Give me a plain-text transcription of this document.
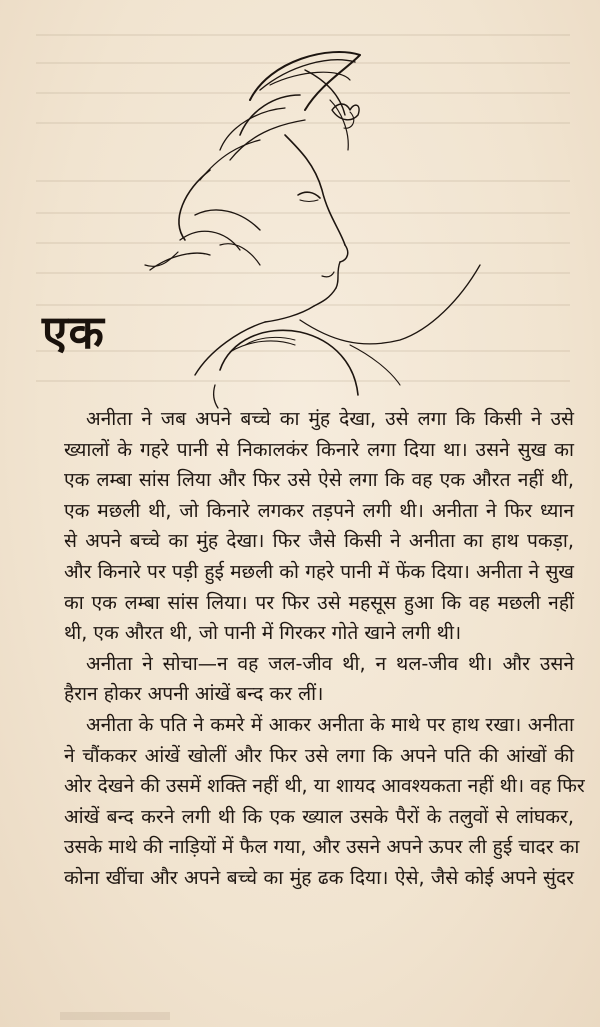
एक

अनीता ने जब अपने बच्चे का मुंह देखा, उसे लगा कि किसी ने उसे
ख्यालों के गहरे पानी से निकालकंर किनारे लगा दिया था। उसने सुख का
एक लम्बा सांस लिया और फिर उसे ऐसे लगा कि वह एक औरत नहीं थी,
एक मछली थी, जो किनारे लगकर तड़पने लगी थी। अनीता ने फिर ध्यान
से अपने बच्चे का मुंह देखा। फिर जैसे किसी ने अनीता का हाथ पकड़ा,
और किनारे पर पड़ी हुई मछली को गहरे पानी में फेंक दिया। अनीता ने सुख
का एक लम्बा सांस लिया। पर फिर उसे महसूस हुआ कि वह मछली नहीं
थी, एक औरत थी, जो पानी में गिरकर गोते खाने लगी थी।

अनीता ने सोचा—न वह जल-जीव थी, न थल-जीव थी। और उसने
हैरान होकर अपनी आंखें बन्द कर लीं।

अनीता के पति ने कमरे में आकर अनीता के माथे पर हाथ रखा। अनीता
ने चौंककर आंखें खोलीं और फिर उसे लगा कि अपने पति की आंखों की
ओर देखने की उसमें शक्ति नहीं थी, या शायद आवश्यकता नहीं थी। वह फिर
आंखें बन्द करने लगी थी कि एक ख्याल उसके पैरों के तलुवों से लांघकर,
उसके माथे की नाड़ियों में फैल गया, और उसने अपने ऊपर ली हुई चादर का
कोना खींचा और अपने बच्चे का मुंह ढक दिया। ऐसे, जैसे कोई अपने सुंदर
